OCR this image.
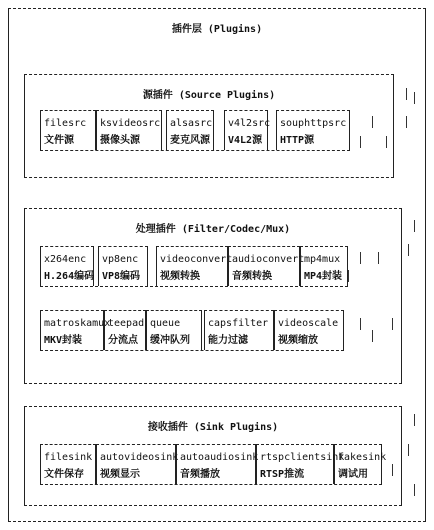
插件层 (Plugins)
源插件 (Source Plugins)
filesrc
文件源
ksvideosrc
摄像头源
alsasrc
麦克风源
v4l2src
V4L2源
souphttpsrc
HTTP源
处理插件 (Filter/Codec/Mux)
x264enc
H.264编码
vp8enc
VP8编码
videoconvert
视频转换
audioconvert
音频转换
mp4mux
MP4封装
matroskamux
MKV封装
teepad
分流点
queue
缓冲队列
capsfilter
能力过滤
videoscale
视频缩放
接收插件 (Sink Plugins)
filesink
文件保存
autovideosink
视频显示
autoaudiosink
音频播放
rtspclientsink
RTSP推流
fakesink
调试用
